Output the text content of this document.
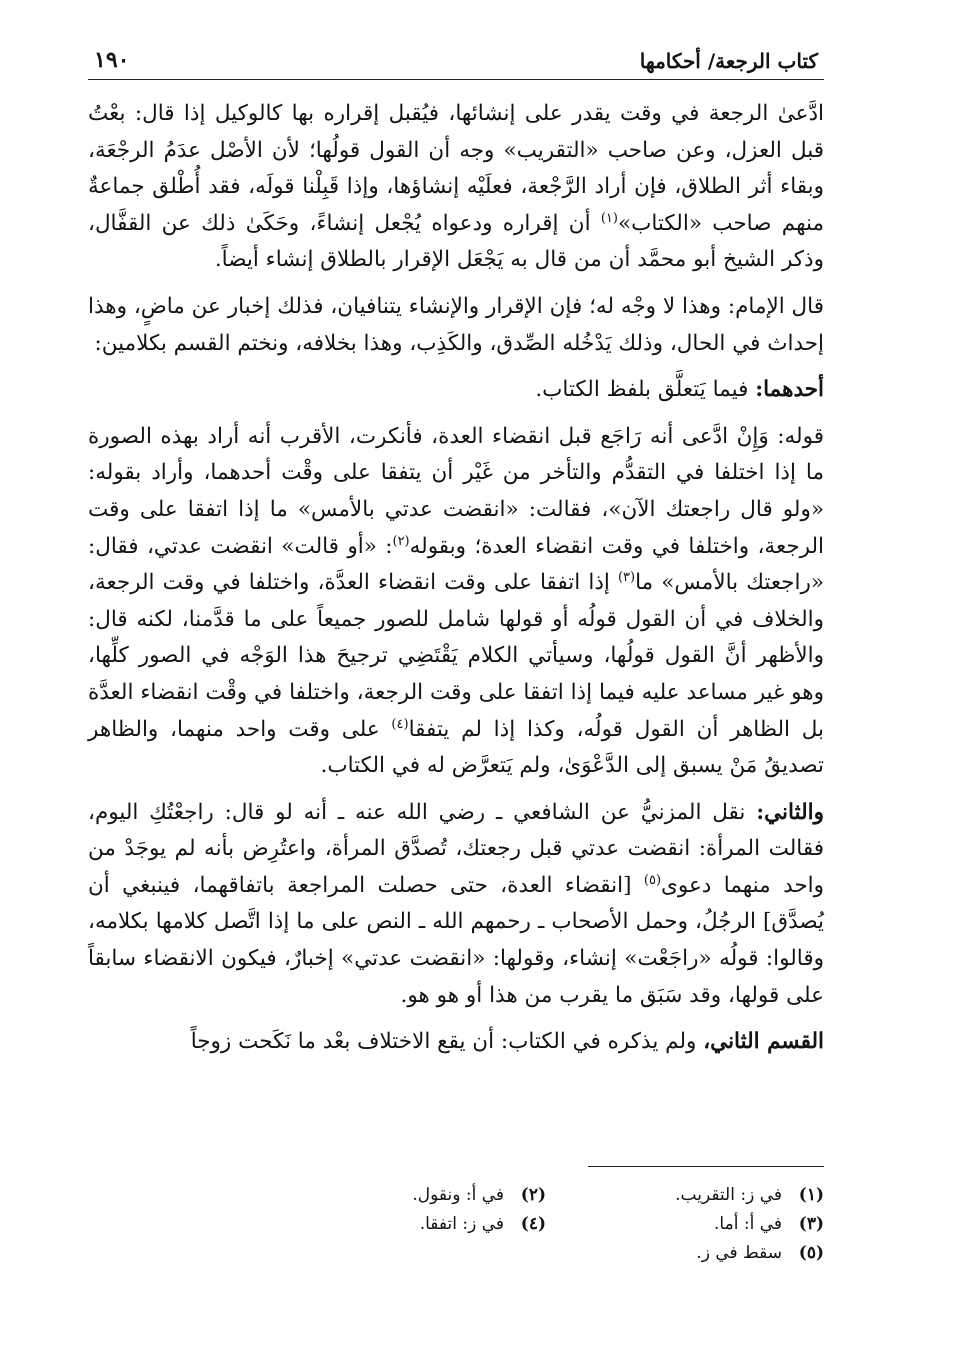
كتاب الرجعة/ أحكامها
١٩٠

ادَّعىٰ الرجعة في وقت يقدر على إنشائها، فيُقبل إقراره بها كالوكيل إذا قال: بعْتُ قبل العزل، وعن صاحب «التقريب» وجه أن القول قولُها؛ لأن الأصْل عدَمُ الرجْعَة، وبقاء أثر الطلاق، فإن أراد الرَّجْعة، فعلَيْه إنشاؤها، وإذا قَبِلْنا قولَه، فقد أُطْلق جماعةٌ منهم صاحب «الكتاب»$^{(١)}$ أن إقراره ودعواه يُجْعل إنشاءً، وحَكَىٰ ذلك عن القفَّال، وذكر الشيخ أبو محمَّد أن من قال به يَجْعَل الإقرار بالطلاق إنشاء أيضاً.

قال الإمام: وهذا لا وجْه له؛ فإن الإقرار والإنشاء يتنافيان، فذلك إخبار عن ماضٍ، وهذا إحداث في الحال، وذلك يَدْخُله الصِّدق، والكَذِب، وهذا بخلافه، ونختم القسم بكلامين:

أحدهما: فيما يَتعلَّق بلفظ الكتاب.

قوله: وَإِنْ ادَّعى أنه رَاجَع قبل انقضاء العدة، فأنكرت، الأقرب أنه أراد بهذه الصورة ما إذا اختلفا في التقدُّم والتأخر من غَيْر أن يتفقا على وقْت أحدهما، وأراد بقوله: «ولو قال راجعتك الآن»، فقالت: «انقضت عدتي بالأمس» ما إذا اتفقا على وقت الرجعة، واختلفا في وقت انقضاء العدة؛ وبقوله$^{(٢)}$: «أو قالت» انقضت عدتي، فقال: «راجعتك بالأمس» ما$^{(٣)}$ إذا اتفقا على وقت انقضاء العدَّة، واختلفا في وقت الرجعة، والخلاف في أن القول قولُه أو قولها شامل للصور جميعاً على ما قدَّمنا، لكنه قال: والأظهر أنَّ القول قولُها، وسيأتي الكلام يَقْتَضِي ترجيحَ هذا الوَجْه في الصور كلِّها، وهو غير مساعد عليه فيما إذا اتفقا على وقت الرجعة، واختلفا في وقْت انقضاء العدَّة بل الظاهر أن القول قولُه، وكذا إذا لم يتفقا$^{(٤)}$ على وقت واحد منهما، والظاهر تصديقُ مَنْ يسبق إلى الدَّعْوَىٰ، ولم يَتعرَّض له في الكتاب.

والثاني: نقل المزنيُّ عن الشافعي ـ رضي الله عنه ـ أنه لو قال: راجعْتُكِ اليوم، فقالت المرأة: انقضت عدتي قبل رجعتك، تُصدَّق المرأة، واعتُرِض بأنه لم يوجَدْ من واحد منهما دعوى$^{(٥)}$ [انقضاء العدة، حتى حصلت المراجعة باتفاقهما، فينبغي أن يُصدَّق] الرجُلُ، وحمل الأصحاب ـ رحمهم الله ـ النص على ما إذا اتَّصل كلامها بكلامه، وقالوا: قولُه «راجَعْت» إنشاء، وقولها: «انقضت عدتي» إخبارٌ، فيكون الانقضاء سابقاً على قولها، وقد سَبَق ما يقرب من هذا أو هو هو.

القسم الثاني، ولم يذكره في الكتاب: أن يقع الاختلاف بعْد ما نَكَحت زوجاً

(١)
في ز: التقريب.
(٢)
في أ: ونقول.
(٣)
في أ: أما.
(٤)
في ز: اتفقا.
(٥)
سقط في ز.
